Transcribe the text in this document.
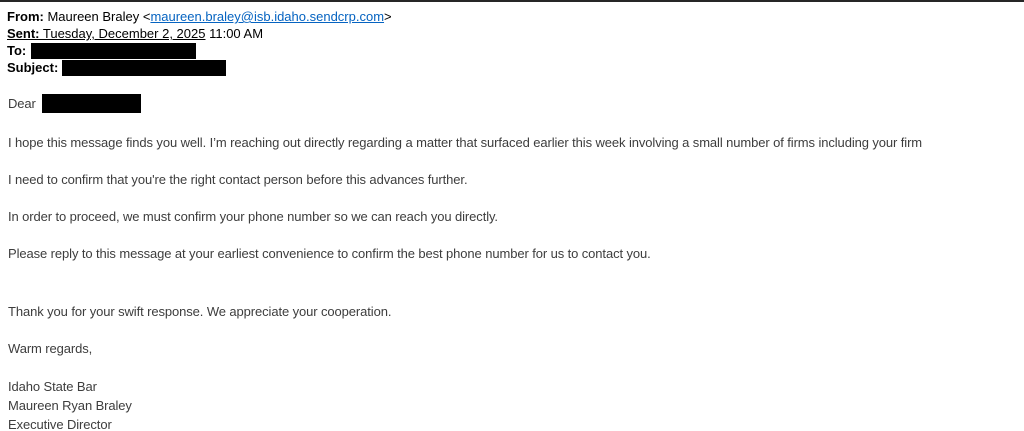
From: Maureen Braley <maureen.braley@isb.idaho.sendcrp.com>
Sent: Tuesday, December 2, 2025 11:00 AM
To:
Subject:
Dear

I hope this message finds you well. I’m reaching out directly regarding a matter that surfaced earlier this week involving a small number of firms including your firm

I need to confirm that you're the right contact person before this advances further.

In order to proceed, we must confirm your phone number so we can reach you directly.

Please reply to this message at your earliest convenience to confirm the best phone number for us to contact you.

Thank you for your swift response. We appreciate your cooperation.

Warm regards,

Idaho State Bar
Maureen Ryan Braley
Executive Director
